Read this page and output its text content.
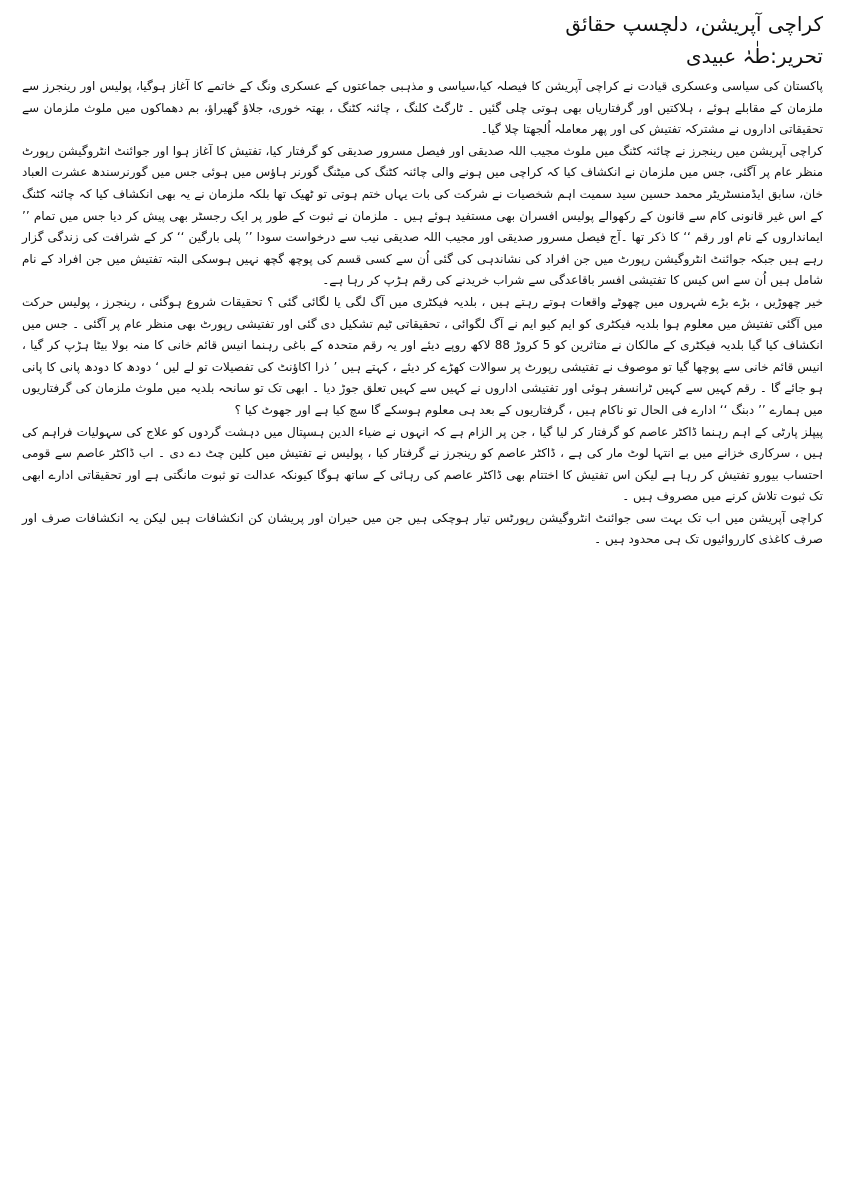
کراچی آپریشن، دلچسپ حقائق
تحریر:طٰہٰ عبیدی

پاکستان کی سیاسی وعسکری قیادت نے کراچی آپریشن کا فیصلہ کیا،سیاسی و مذہبی جماعتوں کے عسکری ونگ کے خاتمے کا آغاز ہوگیا، پولیس اور رینجرز سے ملزمان کے مقابلے ہوئے ، ہلاکتیں اور گرفتاریاں بھی ہوتی چلی گئیں ۔ ٹارگٹ کلنگ ، چائنہ کٹنگ ، بھتہ خوری، جلاؤ گھیراؤ، بم دھماکوں میں ملوث ملزمان سے تحقیقاتی اداروں نے مشترکہ تفتیش کی اور پھر معاملہ اُلجھتا چلا گیا۔

کراچی آپریشن میں رینجرز نے چائنہ کٹنگ میں ملوث مجیب اللہ صدیقی اور فیصل مسرور صدیقی کو گرفتار کیا، تفتیش کا آغاز ہوا اور جوائنٹ انٹروگیشن رپورٹ منظر عام پر آگئی، جس میں ملزمان نے انکشاف کیا کہ کراچی میں ہونے والی چائنہ کٹنگ کی میٹنگ گورنر ہاؤس میں ہوئی جس میں گورنرسندھ عشرت العباد خان، سابق ایڈمنسٹریٹر محمد حسین سید سمیت اہم شخصیات نے شرکت کی بات یہاں ختم ہوتی تو ٹھیک تھا بلکہ ملزمان نے یہ بھی انکشاف کیا کہ چائنہ کٹنگ کے اس غیر قانونی کام سے قانون کے رکھوالے پولیس افسران بھی مستفید ہوئے ہیں ۔ ملزمان نے ثبوت کے طور پر ایک رجسٹر بھی پیش کر دیا جس میں تمام ’’ ایمانداروں کے نام اور رقم ‘‘ کا ذکر تھا ۔آج فیصل مسرور صدیقی اور مجیب اللہ صدیقی نیب سے درخواست سودا ’’ پلی بارگین ‘‘ کر کے شرافت کی زندگی گزار رہے ہیں جبکہ جوائنٹ انٹروگیشن رپورٹ میں جن افراد کی نشاندہی کی گئی اُن سے کسی قسم کی پوچھ گچھ نہیں ہوسکی البتہ تفتیش میں جن افراد کے نام شامل ہیں اُن سے اس کیس کا تفتیشی افسر باقاعدگی سے شراب خریدنے کی رقم ہڑپ کر رہا ہے۔

خیر چھوڑیں ، بڑے بڑے شہروں میں چھوٹے واقعات ہوتے رہتے ہیں ، بلدیہ فیکٹری میں آگ لگی یا لگائی گئی ؟ تحقیقات شروع ہوگئی ، رینجرز ، پولیس حرکت میں آگئی تفتیش میں معلوم ہوا بلدیہ فیکٹری کو ایم کیو ایم نے آگ لگوائی ، تحقیقاتی ٹیم تشکیل دی گئی اور تفتیشی رپورٹ بھی منظر عام پر آگئی ۔ جس میں انکشاف کیا گیا بلدیہ فیکٹری کے مالکان نے متاثرین کو 5 کروڑ 88 لاکھ روپے دیئے اور یہ رقم متحدہ کے باغی رہنما انیس قائم خانی کا منہ بولا بیٹا ہڑپ کر گیا ، انیس قائم خانی سے پوچھا گیا تو موصوف نے تفتیشی رپورٹ پر سوالات کھڑے کر دیئے ، کہتے ہیں ’ ذرا اکاؤنٹ کی تفصیلات تو لے لیں ‘ دودھ کا دودھ پانی کا پانی ہو جائے گا ۔ رقم کہیں سے کہیں ٹرانسفر ہوئی اور تفتیشی اداروں نے کہیں سے کہیں تعلق جوڑ دیا ۔ ابھی تک تو سانحہ بلدیہ میں ملوث ملزمان کی گرفتاریوں میں ہمارے ’’ دبنگ ‘‘ ادارے فی الحال تو ناکام ہیں ، گرفتاریوں کے بعد ہی معلوم ہوسکے گا سچ کیا ہے اور جھوٹ کیا ؟

پیپلز پارٹی کے اہم رہنما ڈاکٹر عاصم کو گرفتار کر لیا گیا ، جن پر الزام ہے کہ انہوں نے ضیاء الدین ہسپتال میں دہشت گردوں کو علاج کی سہولیات فراہم کی ہیں ، سرکاری خزانے میں بے انتہا لوٹ مار کی ہے ، ڈاکٹر عاصم کو رینجرز نے گرفتار کیا ، پولیس نے تفتیش میں کلین چٹ دے دی ۔ اب ڈاکٹر عاصم سے قومی احتساب بیورو تفتیش کر رہا ہے لیکن اس تفتیش کا اختتام بھی ڈاکٹر عاصم کی رہائی کے ساتھ ہوگا کیونکہ عدالت تو ثبوت مانگتی ہے اور تحقیقاتی ادارے ابھی تک ثبوت تلاش کرنے میں مصروف ہیں ۔

کراچی آپریشن میں اب تک بہت سی جوائنٹ انٹروگیشن رپورٹس تیار ہوچکی ہیں جن میں حیران اور پریشان کن انکشافات ہیں لیکن یہ انکشافات صرف اور صرف کاغذی کارروائیوں تک ہی محدود ہیں ۔
